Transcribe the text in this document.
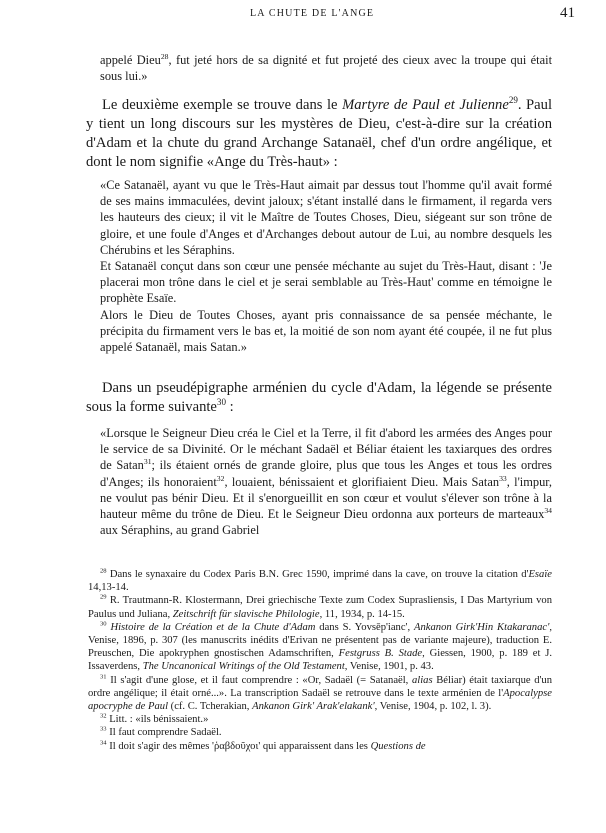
LA CHUTE DE L'ANGE	41

appelé Dieu$^{28}$, fut jeté hors de sa dignité et fut projeté des cieux avec la troupe qui était sous lui.»

Le deuxième exemple se trouve dans le Martyre de Paul et Julienne$^{29}$. Paul y tient un long discours sur les mystères de Dieu, c'est-à-dire sur la création d'Adam et la chute du grand Archange Satanaël, chef d'un ordre angélique, et dont le nom signifie «Ange du Très-haut» :

«Ce Satanaël, ayant vu que le Très-Haut aimait par dessus tout l'homme qu'il avait formé de ses mains immaculées, devint jaloux; s'étant installé dans le firmament, il regarda vers les hauteurs des cieux; il vit le Maître de Toutes Choses, Dieu, siégeant sur son trône de gloire, et une foule d'Anges et d'Archanges debout autour de Lui, au nombre desquels les Chérubins et les Séraphins.

Et Satanaël conçut dans son cœur une pensée méchante au sujet du Très-Haut, disant : 'Je placerai mon trône dans le ciel et je serai semblable au Très-Haut' comme en témoigne le prophète Esaïe.

Alors le Dieu de Toutes Choses, ayant pris connaissance de sa pensée méchante, le précipita du firmament vers le bas et, la moitié de son nom ayant été coupée, il ne fut plus appelé Satanaël, mais Satan.»

Dans un pseudépigraphe arménien du cycle d'Adam, la légende se présente sous la forme suivante$^{30}$ :

«Lorsque le Seigneur Dieu créa le Ciel et la Terre, il fit d'abord les armées des Anges pour le service de sa Divinité. Or le méchant Sadaël et Béliar étaient les taxiarques des ordres de Satan$^{31}$; ils étaient ornés de grande gloire, plus que tous les Anges et tous les ordres d'Anges; ils honoraient$^{32}$, louaient, bénissaient et glorifiaient Dieu. Mais Satan$^{33}$, l'impur, ne voulut pas bénir Dieu. Et il s'enorgueillit en son cœur et voulut s'élever son trône à la hauteur même du trône de Dieu. Et le Seigneur Dieu ordonna aux porteurs de marteaux$^{34}$ aux Séraphins, au grand Gabriel

$^{28}$ Dans le synaxaire du Codex Paris B.N. Grec 1590, imprimé dans la cave, on trouve la citation d'Esaïe 14,13-14.

$^{29}$ R. Trautmann-R. Klostermann, Drei griechische Texte zum Codex Suprasliensis, I Das Martyrium von Paulus und Juliana, Zeitschrift für slavische Philologie, 11, 1934, p. 14-15.

$^{30}$ Histoire de la Création et de la Chute d'Adam dans S. Yovsēp'ianc', Ankanon Girk'Hin Ktakaranac', Venise, 1896, p. 307 (les manuscrits inédits d'Erivan ne présentent pas de variante majeure), traduction E. Preuschen, Die apokryphen gnostischen Adamschriften, Festgruss B. Stade, Giessen, 1900, p. 189 et J. Issaverdens, The Uncanonical Writings of the Old Testament, Venise, 1901, p. 43.

$^{31}$ Il s'agit d'une glose, et il faut comprendre : «Or, Sadaël (= Satanaël, alias Béliar) était taxiarque d'un ordre angélique; il était orné...». La transcription Sadaël se retrouve dans le texte arménien de l'Apocalypse apocryphe de Paul (cf. C. Tcherakian, Ankanon Girk' Arak'elakank', Venise, 1904, p. 102, l. 3).

$^{32}$ Litt. : «ils bénissaient.»

$^{33}$ Il faut comprendre Sadaël.

$^{34}$ Il doit s'agir des mêmes 'ῥαβδοῦχοι' qui apparaissent dans les Questions de
